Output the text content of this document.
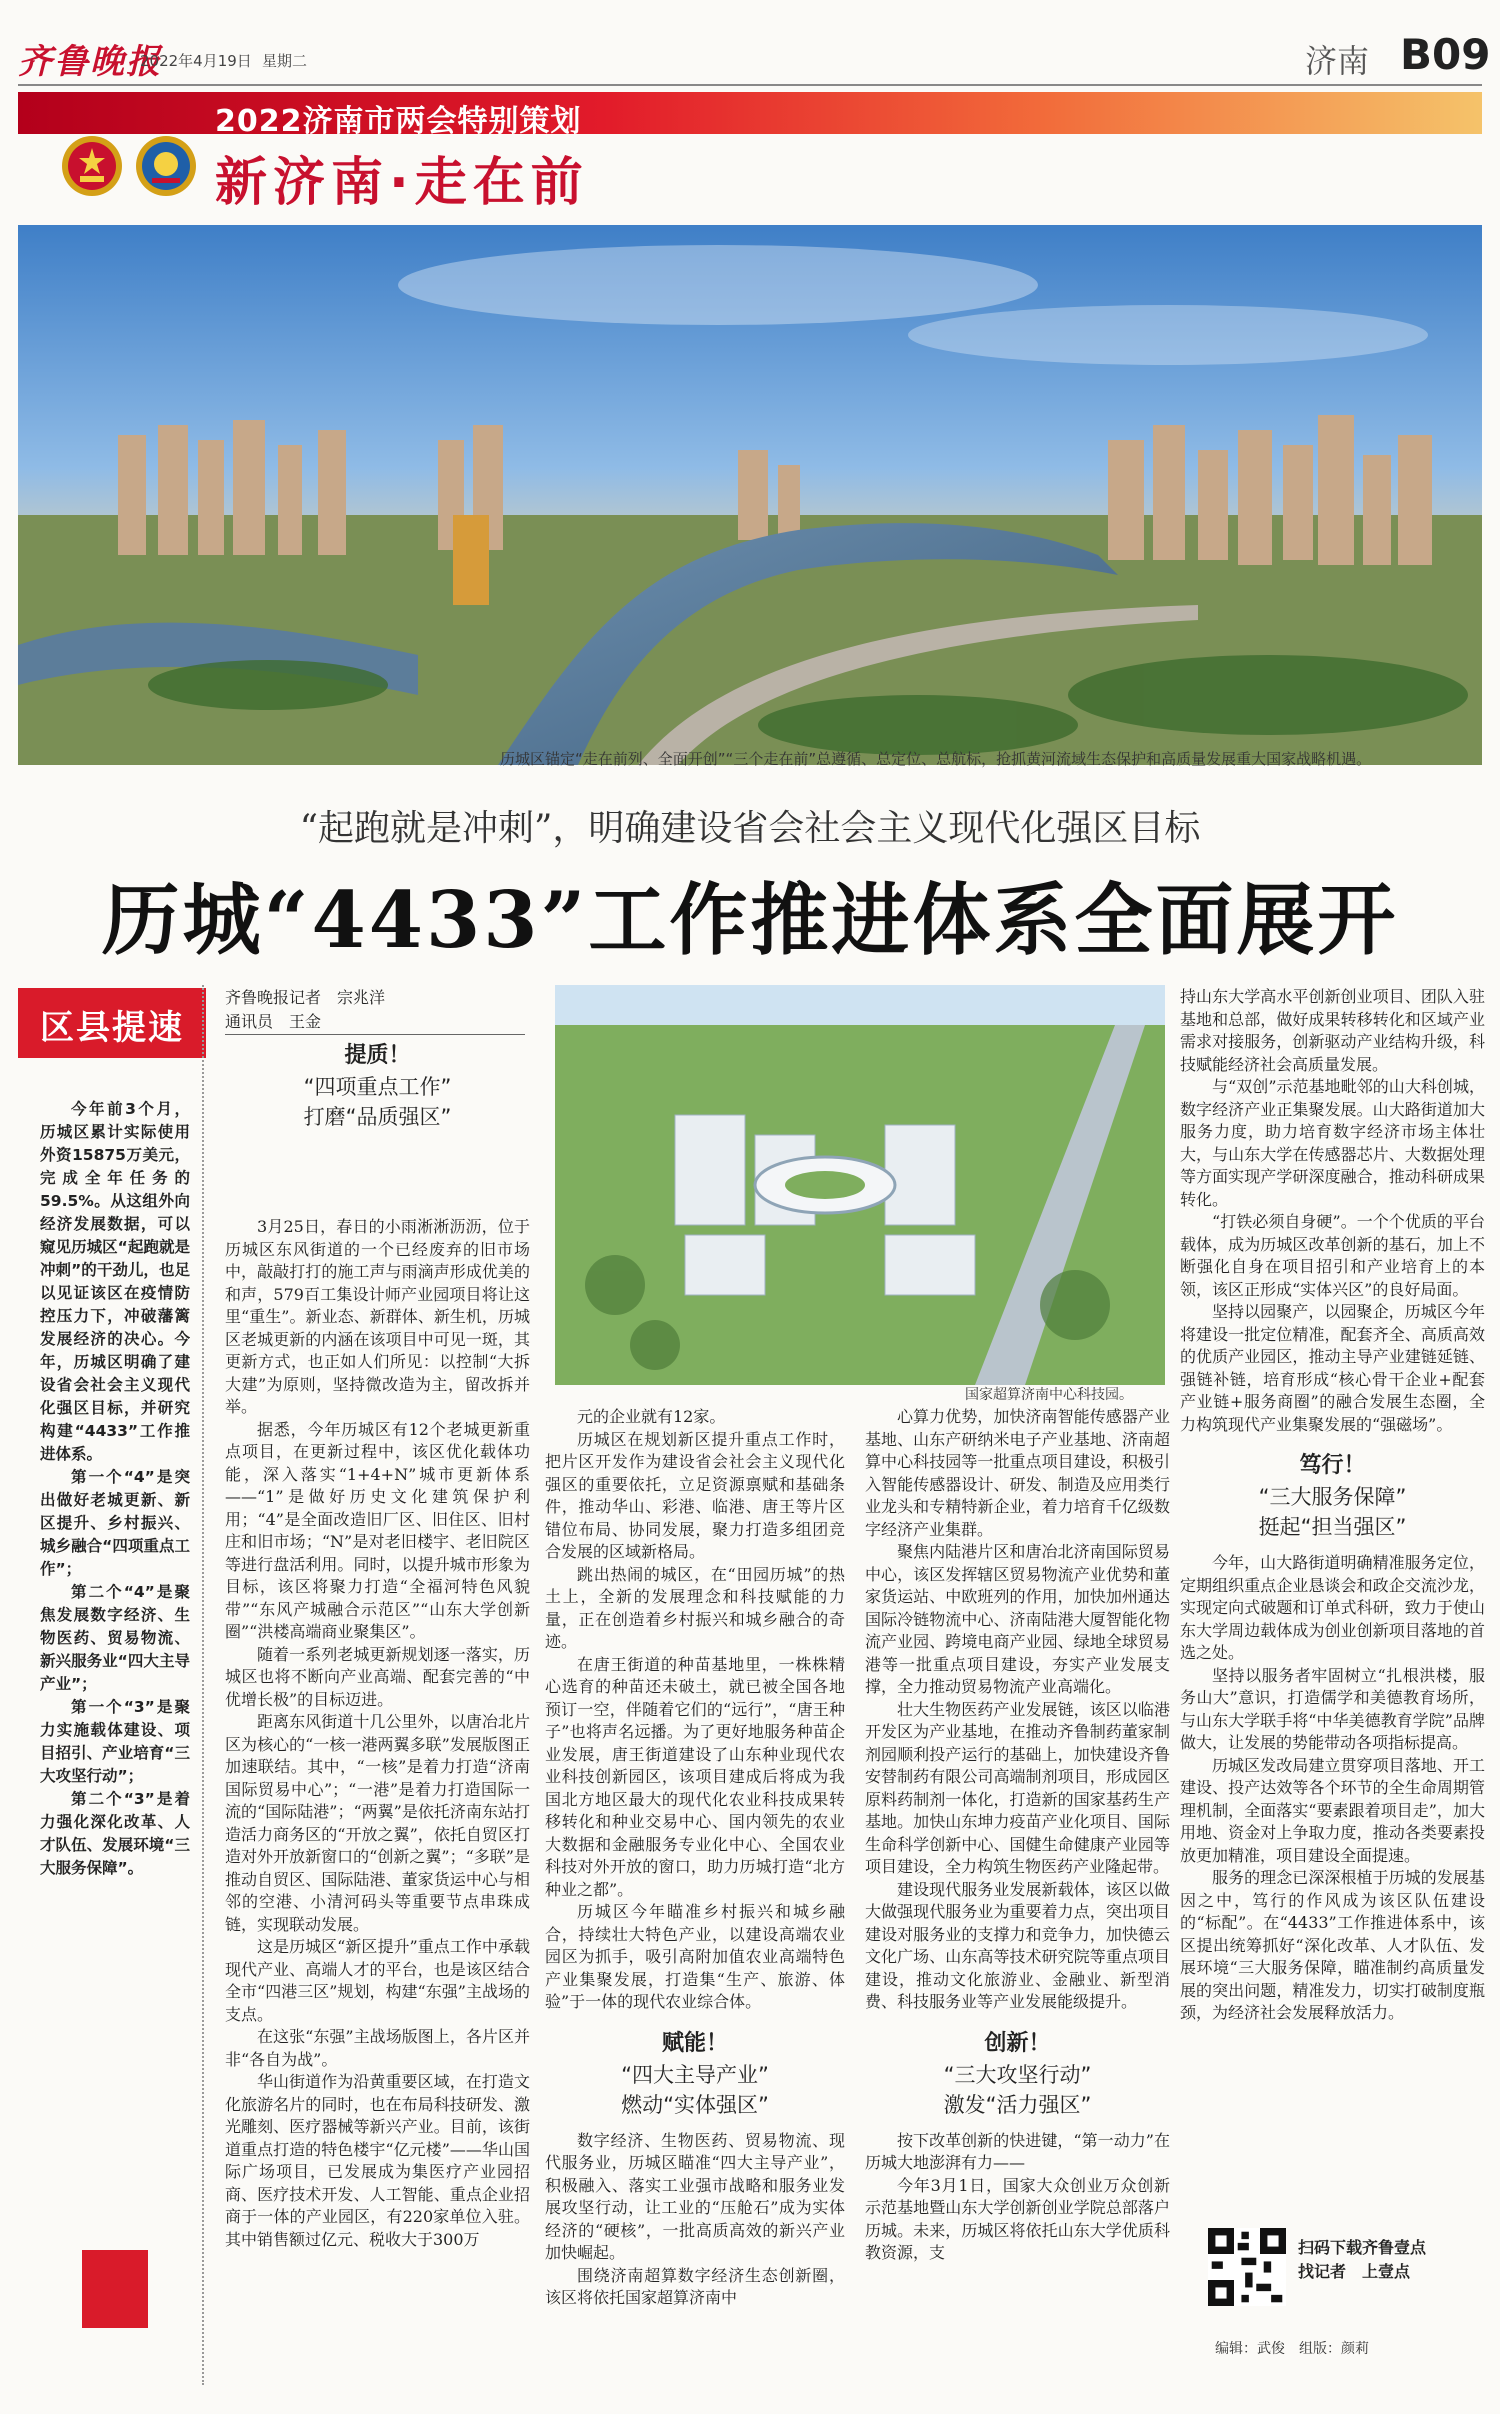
齐鲁晚报
2022年4月19日 星期二	济南 B09
2022济南市两会特别策划
新济南·走在前
历城区锚定“走在前列、全面开创”“三个走在前”总遵循、总定位、总航标，抢抓黄河流域生态保护和高质量发展重大国家战略机遇。
“起跑就是冲刺”，明确建设省会社会主义现代化强区目标
历城“4433”工作推进体系全面展开
区县提速

今年前3个月，历城区累计实际使用外资15875万美元，完成全年任务的59.5%。从这组外向经济发展数据，可以窥见历城区“起跑就是冲刺”的干劲儿，也足以见证该区在疫情防控压力下，冲破藩篱发展经济的决心。今年，历城区明确了建设省会社会主义现代化强区目标，并研究构建“4433”工作推进体系。

第一个“4”是突出做好老城更新、新区提升、乡村振兴、城乡融合“四项重点工作”；

第二个“4”是聚焦发展数字经济、生物医药、贸易物流、新兴服务业“四大主导产业”；

第一个“3”是聚力实施载体建设、项目招引、产业培育“三大攻坚行动”；

第二个“3”是着力强化深化改革、人才队伍、发展环境“三大服务保障”。

齐鲁晚报记者　宗兆洋
通讯员　王金
提质！
“四项重点工作”
打磨“品质强区”

3月25日，春日的小雨淅淅沥沥，位于历城区东风街道的一个已经废弃的旧市场中，敲敲打打的施工声与雨滴声形成优美的和声，579百工集设计师产业园项目将让这里“重生”。新业态、新群体、新生机，历城区老城更新的内涵在该项目中可见一斑，其更新方式，也正如人们所见：以控制“大拆大建”为原则，坚持微改造为主，留改拆并举。

据悉，今年历城区有12个老城更新重点项目，在更新过程中，该区优化载体功能，深入落实“1+4+N”城市更新体系——“1”是做好历史文化建筑保护利用；“4”是全面改造旧厂区、旧住区、旧村庄和旧市场；“N”是对老旧楼宇、老旧院区等进行盘活利用。同时，以提升城市形象为目标，该区将聚力打造“全福河特色风貌带”“东风产城融合示范区”“山东大学创新圈”“洪楼高端商业聚集区”。

随着一系列老城更新规划逐一落实，历城区也将不断向产业高端、配套完善的“中优增长极”的目标迈进。

距离东风街道十几公里外，以唐冶北片区为核心的“一核一港两翼多联”发展版图正加速联结。其中，“一核”是着力打造“济南国际贸易中心”；“一港”是着力打造国际一流的“国际陆港”；“两翼”是依托济南东站打造活力商务区的“开放之翼”，依托自贸区打造对外开放新窗口的“创新之翼”；“多联”是推动自贸区、国际陆港、董家货运中心与相邻的空港、小清河码头等重要节点串珠成链，实现联动发展。

这是历城区“新区提升”重点工作中承载现代产业、高端人才的平台，也是该区结合全市“四港三区”规划，构建“东强”主战场的支点。

在这张“东强”主战场版图上，各片区并非“各自为战”。

华山街道作为沿黄重要区域，在打造文化旅游名片的同时，也在布局科技研发、激光雕刻、医疗器械等新兴产业。目前，该街道重点打造的特色楼宇“亿元楼”——华山国际广场项目，已发展成为集医疗产业园招商、医疗技术开发、人工智能、重点企业招商于一体的产业园区，有220家单位入驻。其中销售额过亿元、税收大于300万

国家超算济南中心科技园。

元的企业就有12家。

历城区在规划新区提升重点工作时，把片区开发作为建设省会社会主义现代化强区的重要依托，立足资源禀赋和基础条件，推动华山、彩港、临港、唐王等片区错位布局、协同发展，聚力打造多组团竞合发展的区域新格局。

跳出热闹的城区，在“田园历城”的热土上，全新的发展理念和科技赋能的力量，正在创造着乡村振兴和城乡融合的奇迹。

在唐王街道的种苗基地里，一株株精心选育的种苗还未破土，就已被全国各地预订一空，伴随着它们的“远行”，“唐王种子”也将声名远播。为了更好地服务种苗企业发展，唐王街道建设了山东种业现代农业科技创新园区，该项目建成后将成为我国北方地区最大的现代化农业科技成果转移转化和种业交易中心、国内领先的农业大数据和金融服务专业化中心、全国农业科技对外开放的窗口，助力历城打造“北方种业之都”。

历城区今年瞄准乡村振兴和城乡融合，持续壮大特色产业，以建设高端农业园区为抓手，吸引高附加值农业高端特色产业集聚发展，打造集“生产、旅游、体验”于一体的现代农业综合体。

赋能！
“四大主导产业”
燃动“实体强区”

数字经济、生物医药、贸易物流、现代服务业，历城区瞄准“四大主导产业”，积极融入、落实工业强市战略和服务业发展攻坚行动，让工业的“压舱石”成为实体经济的“硬核”，一批高质高效的新兴产业加快崛起。

围绕济南超算数字经济生态创新圈，该区将依托国家超算济南中

心算力优势，加快济南智能传感器产业基地、山东产研纳米电子产业基地、济南超算中心科技园等一批重点项目建设，积极引入智能传感器设计、研发、制造及应用类行业龙头和专精特新企业，着力培育千亿级数字经济产业集群。

聚焦内陆港片区和唐冶北济南国际贸易中心，该区发挥辖区贸易物流产业优势和董家货运站、中欧班列的作用，加快加州通达国际冷链物流中心、济南陆港大厦智能化物流产业园、跨境电商产业园、绿地全球贸易港等一批重点项目建设，夯实产业发展支撑，全力推动贸易物流产业高端化。

壮大生物医药产业发展链，该区以临港开发区为产业基地，在推动齐鲁制药董家制剂园顺利投产运行的基础上，加快建设齐鲁安替制药有限公司高端制剂项目，形成园区原料药制剂一体化，打造新的国家基药生产基地。加快山东坤力疫苗产业化项目、国际生命科学创新中心、国健生命健康产业园等项目建设，全力构筑生物医药产业隆起带。

建设现代服务业发展新载体，该区以做大做强现代服务业为重要着力点，突出项目建设对服务业的支撑力和竞争力，加快德云文化广场、山东高等技术研究院等重点项目建设，推动文化旅游业、金融业、新型消费、科技服务业等产业发展能级提升。

创新！
“三大攻坚行动”
激发“活力强区”

按下改革创新的快进键，“第一动力”在历城大地澎湃有力——

今年3月1日，国家大众创业万众创新示范基地暨山东大学创新创业学院总部落户历城。未来，历城区将依托山东大学优质科教资源，支

持山东大学高水平创新创业项目、团队入驻基地和总部，做好成果转移转化和区域产业需求对接服务，创新驱动产业结构升级，科技赋能经济社会高质量发展。

与“双创”示范基地毗邻的山大科创城，数字经济产业正集聚发展。山大路街道加大服务力度，助力培育数字经济市场主体壮大，与山东大学在传感器芯片、大数据处理等方面实现产学研深度融合，推动科研成果转化。

“打铁必须自身硬”。一个个优质的平台载体，成为历城区改革创新的基石，加上不断强化自身在项目招引和产业培育上的本领，该区正形成“实体兴区”的良好局面。

坚持以园聚产，以园聚企，历城区今年将建设一批定位精准，配套齐全、高质高效的优质产业园区，推动主导产业建链延链、强链补链，培育形成“核心骨干企业+配套产业链+服务商圈”的融合发展生态圈，全力构筑现代产业集聚发展的“强磁场”。

笃行！
“三大服务保障”
挺起“担当强区”

今年，山大路街道明确精准服务定位，定期组织重点企业恳谈会和政企交流沙龙，实现定向式破题和订单式科研，致力于使山东大学周边载体成为创业创新项目落地的首选之处。

坚持以服务者牢固树立“扎根洪楼，服务山大”意识，打造儒学和美德教育场所，与山东大学联手将“中华美德教育学院”品牌做大，让发展的势能带动各项指标提高。

历城区发改局建立贯穿项目落地、开工建设、投产达效等各个环节的全生命周期管理机制，全面落实“要素跟着项目走”，加大用地、资金对上争取力度，推动各类要素投放更加精准，项目建设全面提速。

服务的理念已深深根植于历城的发展基因之中，笃行的作风成为该区队伍建设的“标配”。在“4433”工作推进体系中，该区提出统筹抓好“深化改革、人才队伍、发展环境“三大服务保障，瞄准制约高质量发展的突出问题，精准发力，切实打破制度瓶颈，为经济社会发展释放活力。

扫码下载齐鲁壹点
找记者　上壹点
编辑：武俊　组版：颜莉
